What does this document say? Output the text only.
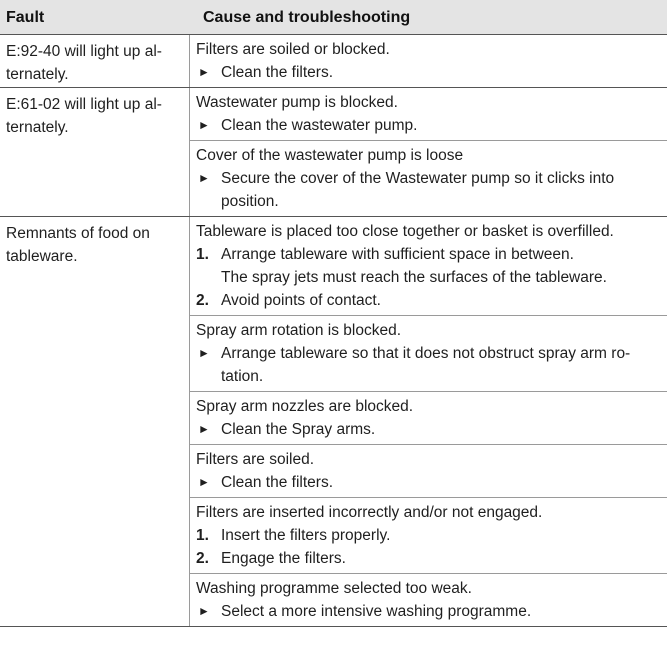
Fault	Cause and troubleshooting
E:92-40 will light up al-
ternately.
Filters are soiled or blocked.
► Clean the filters.
E:61-02 will light up al-
ternately.
Wastewater pump is blocked.
► Clean the wastewater pump.
Cover of the wastewater pump is loose
► Secure the cover of the Wastewater pump so it clicks into
position.
Remnants of food on
tableware.
Tableware is placed too close together or basket is overfilled.
1. Arrange tableware with sufficient space in between.
The spray jets must reach the surfaces of the tableware.
2. Avoid points of contact.
Spray arm rotation is blocked.
► Arrange tableware so that it does not obstruct spray arm ro-
tation.
Spray arm nozzles are blocked.
► Clean the Spray arms.
Filters are soiled.
► Clean the filters.
Filters are inserted incorrectly and/or not engaged.
1. Insert the filters properly.
2. Engage the filters.
Washing programme selected too weak.
► Select a more intensive washing programme.
